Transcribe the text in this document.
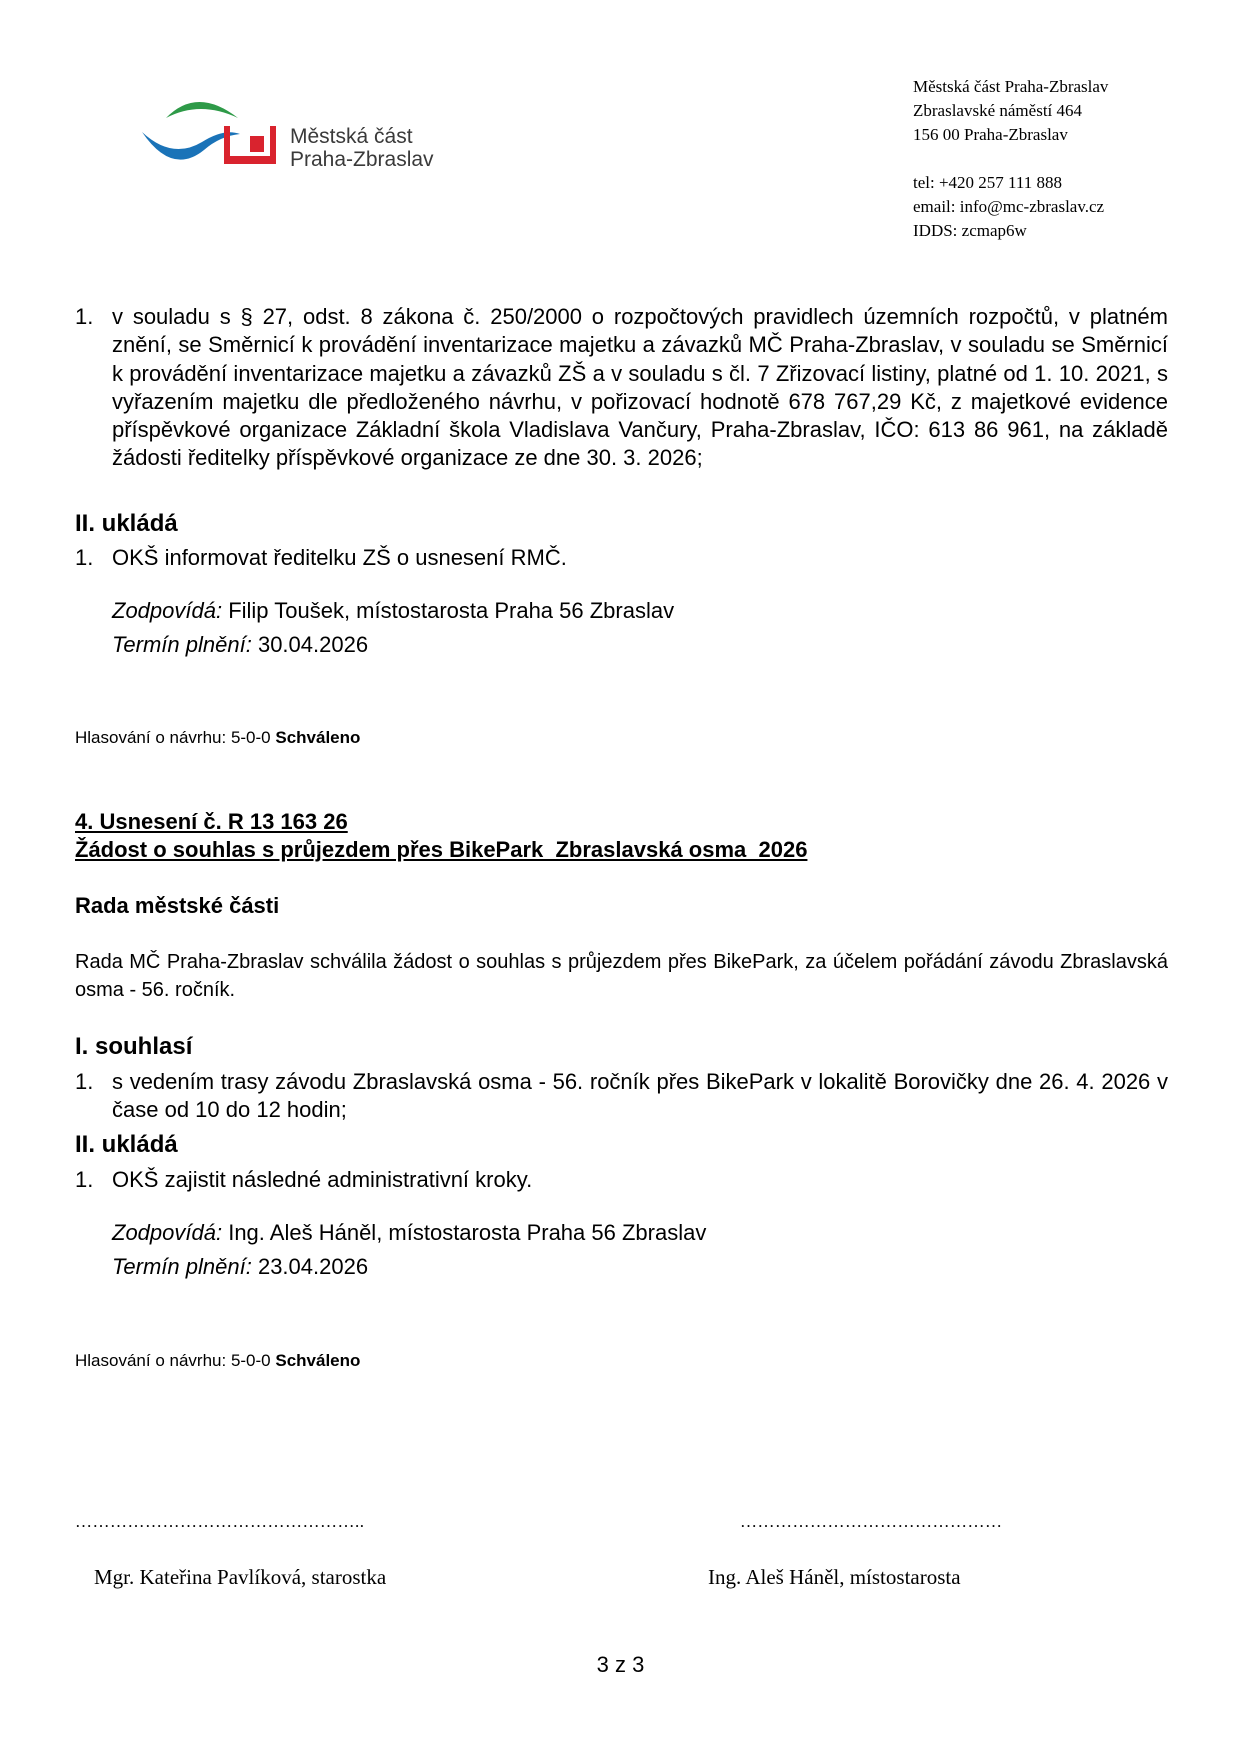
Městská část
Praha-Zbraslav
Městská část Praha-Zbraslav
Zbraslavské náměstí 464
156 00 Praha-Zbraslav
tel: +420 257 111 888
email: info@mc-zbraslav.cz
IDDS: zcmap6w
1. v souladu s § 27, odst. 8 zákona č. 250/2000 o rozpočtových pravidlech územních rozpočtů, v platném znění, se Směrnicí k provádění inventarizace majetku a závazků MČ Praha-Zbraslav, v souladu se Směrnicí k provádění inventarizace majetku a závazků ZŠ a v souladu s čl. 7 Zřizovací listiny, platné od 1. 10. 2021, s vyřazením majetku dle předloženého návrhu, v pořizovací hodnotě 678 767,29 Kč, z majetkové evidence příspěvkové organizace Základní škola Vladislava Vančury, Praha-Zbraslav, IČO: 613 86 961, na základě žádosti ředitelky příspěvkové organizace ze dne 30. 3. 2026;
II. ukládá
1. OKŠ informovat ředitelku ZŠ o usnesení RMČ.
Zodpovídá: Filip Toušek, místostarosta Praha 56 Zbraslav
Termín plnění: 30.04.2026
Hlasování o návrhu: 5-0-0 Schváleno
4. Usnesení č. R 13 163 26
Žádost o souhlas s průjezdem přes BikePark  Zbraslavská osma  2026
Rada městské části
Rada MČ Praha-Zbraslav schválila žádost o souhlas s průjezdem přes BikePark, za účelem pořádání závodu Zbraslavská osma - 56. ročník.
I. souhlasí
1. s vedením trasy závodu Zbraslavská osma - 56. ročník přes BikePark v lokalitě Borovičky dne 26. 4. 2026 v čase od 10 do 12 hodin;
II. ukládá
1. OKŠ zajistit následné administrativní kroky.
Zodpovídá: Ing. Aleš Háněl, místostarosta Praha 56 Zbraslav
Termín plnění: 23.04.2026
Hlasování o návrhu: 5-0-0 Schváleno
…………………………………………..	………………………………………
Mgr. Kateřina Pavlíková, starostka	Ing. Aleš Háněl, místostarosta
3 z 3
